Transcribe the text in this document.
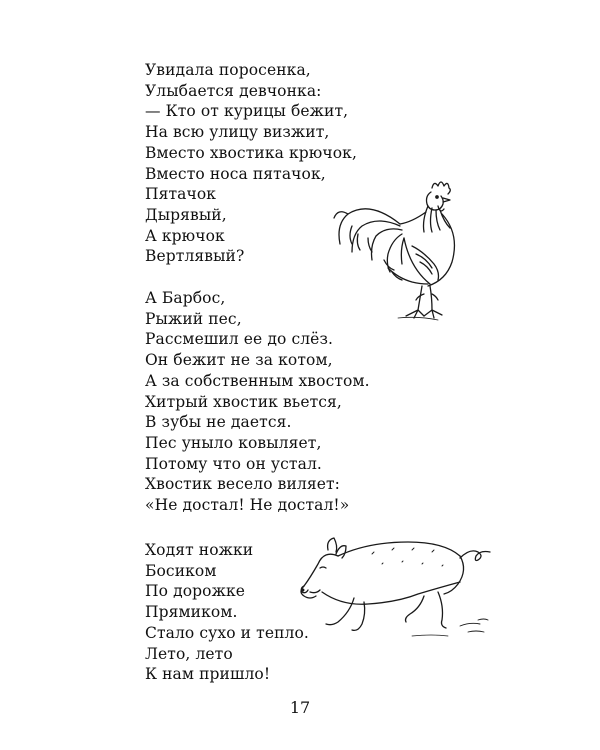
Увидала поросенка,
Улыбается девчонка:
— Кто от курицы бежит,
На всю улицу визжит,
Вместо хвостика крючок,
Вместо носа пятачок,
Пятачок
Дырявый,
А крючок
Вертлявый?
А Барбос,
Рыжий пес,
Рассмешил ее до слёз.
Он бежит не за котом,
А за собственным хвостом.
Хитрый хвостик вьется,
В зубы не дается.
Пес уныло ковыляет,
Потому что он устал.
Хвостик весело виляет:
«Не достал! Не достал!»
Ходят ножки
Босиком
По дорожке
Прямиком.
Стало сухо и тепло.
Лето, лето
К нам пришло!
17
